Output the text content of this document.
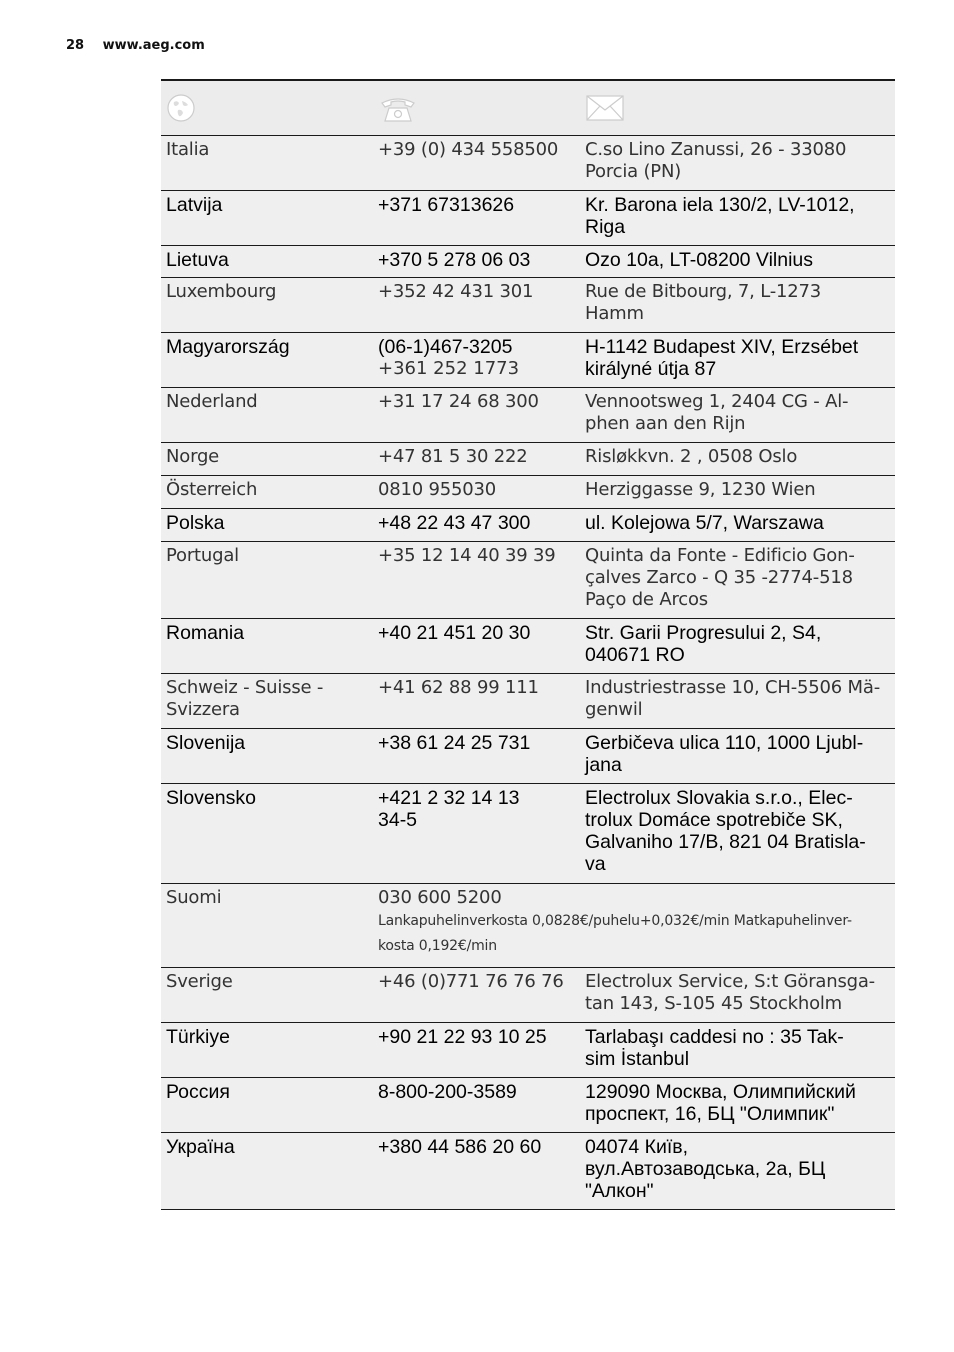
28 www.aeg.com

Italia	+39 (0) 434 558500	C.so Lino Zanussi, 26 - 33080
Porcia (PN)

Latvija	+371 67313626	Kr. Barona iela 130/2, LV-1012,
Riga

Lietuva	+370 5 278 06 03	Ozo 10a, LT-08200 Vilnius

Luxembourg	+352 42 431 301	Rue de Bitbourg, 7, L-1273
Hamm

Magyarország	(06-1)467-3205
+361 252 1773	H-1142 Budapest XIV, Erzsébet
királyné útja 87

Nederland	+31 17 24 68 300	Vennootsweg 1, 2404 CG - Al-
phen aan den Rijn

Norge	+47 81 5 30 222	Risløkkvn. 2 , 0508 Oslo

Österreich	0810 955030	Herziggasse 9, 1230 Wien

Polska	+48 22 43 47 300	ul. Kolejowa 5/7, Warszawa

Portugal	+35 12 14 40 39 39	Quinta da Fonte - Edificio Gon-
çalves Zarco - Q 35 -2774-518
Paço de Arcos

Romania	+40 21 451 20 30	Str. Garii Progresului 2, S4,
040671 RO

Schweiz - Suisse -
Svizzera	+41 62 88 99 111	Industriestrasse 10, CH-5506 Mä-
genwil

Slovenija	+38 61 24 25 731	Gerbičeva ulica 110, 1000 Ljubl-
jana

Slovensko	+421 2 32 14 13
34-5	Electrolux Slovakia s.r.o., Elec-
trolux Domáce spotrebiče SK,
Galvaniho 17/B, 821 04 Bratisla-
va

Suomi	030 600 5200
Lankapuhelinverkosta 0,0828€/puhelu+0,032€/min Matkapuhelinver-
kosta 0,192€/min	

Sverige	+46 (0)771 76 76 76	Electrolux Service, S:t Göransga-
tan 143, S-105 45 Stockholm

Türkiye	+90 21 22 93 10 25	Tarlabaşı caddesi no : 35 Tak-
sim İstanbul

Россия	8-800-200-3589	129090 Москва, Олимпийский
проспект, 16, БЦ "Олимпик"

Україна	+380 44 586 20 60	04074 Київ,
вул.Автозаводська, 2а, БЦ
"Алкон"
